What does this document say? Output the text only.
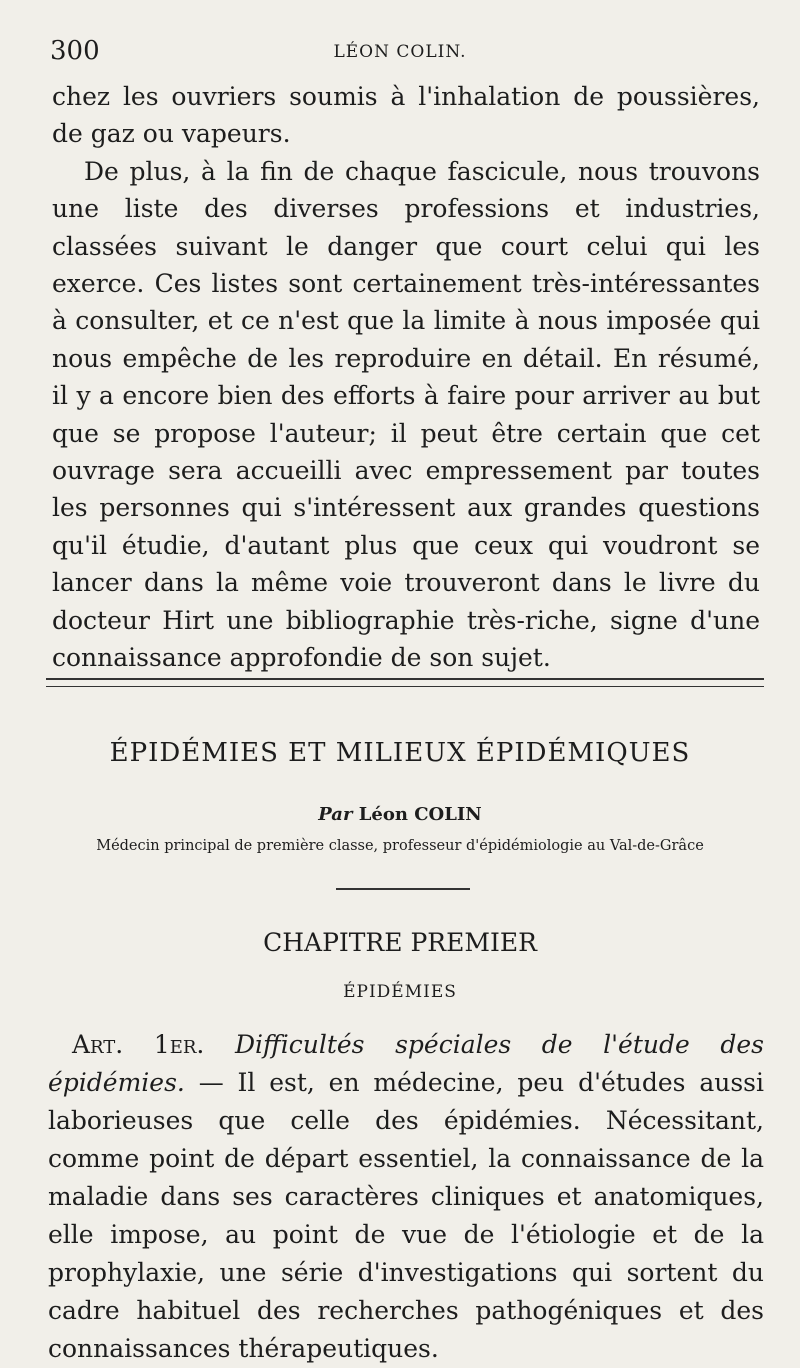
300	LÉON COLIN.

chez les ouvriers soumis à l'inhalation de poussières, de gaz ou vapeurs.

De plus, à la fin de chaque fascicule, nous trouvons une liste des diverses professions et industries, classées suivant le danger que court celui qui les exerce. Ces listes sont certainement très-intéressantes à consulter, et ce n'est que la limite à nous imposée qui nous empêche de les reproduire en détail. En résumé, il y a encore bien des efforts à faire pour arriver au but que se propose l'auteur; il peut être certain que cet ouvrage sera accueilli avec empressement par toutes les personnes qui s'intéressent aux grandes questions qu'il étudie, d'autant plus que ceux qui voudront se lancer dans la même voie trouveront dans le livre du docteur Hirt une bibliographie très-riche, signe d'une connaissance approfondie de son sujet.

ÉPIDÉMIES ET MILIEUX ÉPIDÉMIQUES
Par Léon COLIN
Médecin principal de première classe, professeur d'épidémiologie au Val-de-Grâce
CHAPITRE PREMIER
ÉPIDÉMIES

Art. 1er. Difficultés spéciales de l'étude des épidémies. — Il est, en médecine, peu d'études aussi laborieuses que celle des épidémies. Nécessitant, comme point de départ essentiel, la connaissance de la maladie dans ses caractères cliniques et anatomiques, elle impose, au point de vue de l'étiologie et de la prophylaxie, une série d'investigations qui sortent du cadre habituel des recherches pathogéniques et des connaissances thérapeutiques.
